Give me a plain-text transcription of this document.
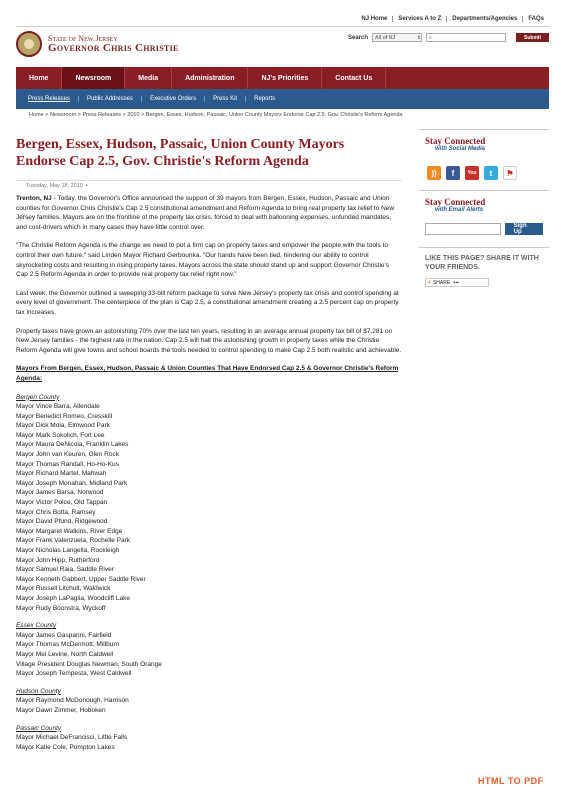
NJ Home	Services A to Z	Departments/Agencies	FAQs
State of New Jersey
Governor Chris Christie
Search All of NJ	⇕ ⌕	Submit
Home	Newsroom	Media	Administration	NJ's Priorities	Contact Us
Press Releases	Public Addresses	Executive Orders	Press Kit	Reports
Home > Newsroom > Press Releases > 2010 > Bergen, Essex, Hudson, Passaic, Union County Mayors Endorse Cap 2.5, Gov. Christie's Reform Agenda
Bergen, Essex, Hudson, Passaic, Union County Mayors Endorse Cap 2.5, Gov. Christie's Reform Agenda
Tuesday, May 18, 2010  •

Trenton, NJ - Today, the Governor's Office announced the support of 39 mayors from Bergen, Essex, Hudson, Passaic and Union counties for Governor Chris Christie's Cap 2.5 constitutional amendment and Reform Agenda to bring real property tax relief to New Jersey families. Mayors are on the frontline of the property tax crisis, forced to deal with ballooning expenses, unfunded mandates, and cost-drivers which in many cases they have little control over.

"The Christie Reform Agenda is the change we need to put a firm cap on property taxes and empower the people with the tools to control their own future," said Linden Mayor Richard Gerbounka. "Our hands have been tied, hindering our ability to control skyrocketing costs and resulting in rising property taxes. Mayors across the state should stand up and support Governor Christie's Cap 2.5 Reform Agenda in order to provide real property tax relief right now."

Last week, the Governor outlined a sweeping 33-bill reform package to solve New Jersey's property tax crisis and control spending at every level of government. The centerpiece of the plan is Cap 2.5, a constitutional amendment creating a 2.5 percent cap on property tax increases.

Property taxes have grown an astonishing 70% over the last ten years, resulting in an average annual property tax bill of $7,281 on New Jersey families - the highest rate in the nation. Cap 2.5 will halt the astonishing growth in property taxes while the Christie Reform Agenda will give towns and school boards the tools needed to control spending to make Cap 2.5 both realistic and achievable.

Mayors From Bergen, Essex, Hudson, Passaic & Union Counties That Have Endorsed Cap 2.5 & Governor Christie's Reform Agenda:
Bergen County
Mayor Vince Barra, Allendale
Mayor Benedict Romeo, Cresskill
Mayor Dick Mola, Elmwood Park
Mayor Mark Sokolich, Fort Lee
Mayor Maura DeNicola, Franklin Lakes
Mayor John van Keuren, Glen Rock
Mayor Thomas Randall, Ho-Ho-Kus
Mayor Richard Martel, Mahwah
Mayor Joseph Monahan, Midland Park
Mayor James Barsa, Norwood
Mayor Victor Polce, Old Tappan
Mayor Chris Botta, Ramsey
Mayor David Pfund, Ridgewood
Mayor Margaret Watkins, River Edge
Mayor Frank Valenzuela, Rochelle Park
Mayor Nicholas Langella, Rockleigh
Mayor John Hipp, Rutherford
Mayor Samuel Raia, Saddle River
Mayor Kenneth Gabbert, Upper Saddle River
Mayor Russell Litchult, Waldwick
Mayor Joseph LaPaglia, Woodcliff Lake
Mayor Rudy Boonstra, Wyckoff
Essex County
Mayor James Gasparini, Fairfield
Mayor Thomas McDermott, Millburn
Mayor Mel Levine, North Caldwell
Village President Douglas Newman, South Orange
Mayor Joseph Tempesta, West Caldwell
Hudson County
Mayor Raymond McDonough, Harrison
Mayor Dawn Zimmer, Hoboken
Passaic County
Mayor Michael DeFrancisci, Little Falls
Mayor Katie Cole, Pompton Lakes
Stay Connected
with Social Media
))	f	You	t	⚑
Stay Connected
with Email Alerts
Sign Up
LIKE THIS PAGE? SHARE IT WITH YOUR FRIENDS.
+ SHARE ▪▪▪
HTML TO PDF
